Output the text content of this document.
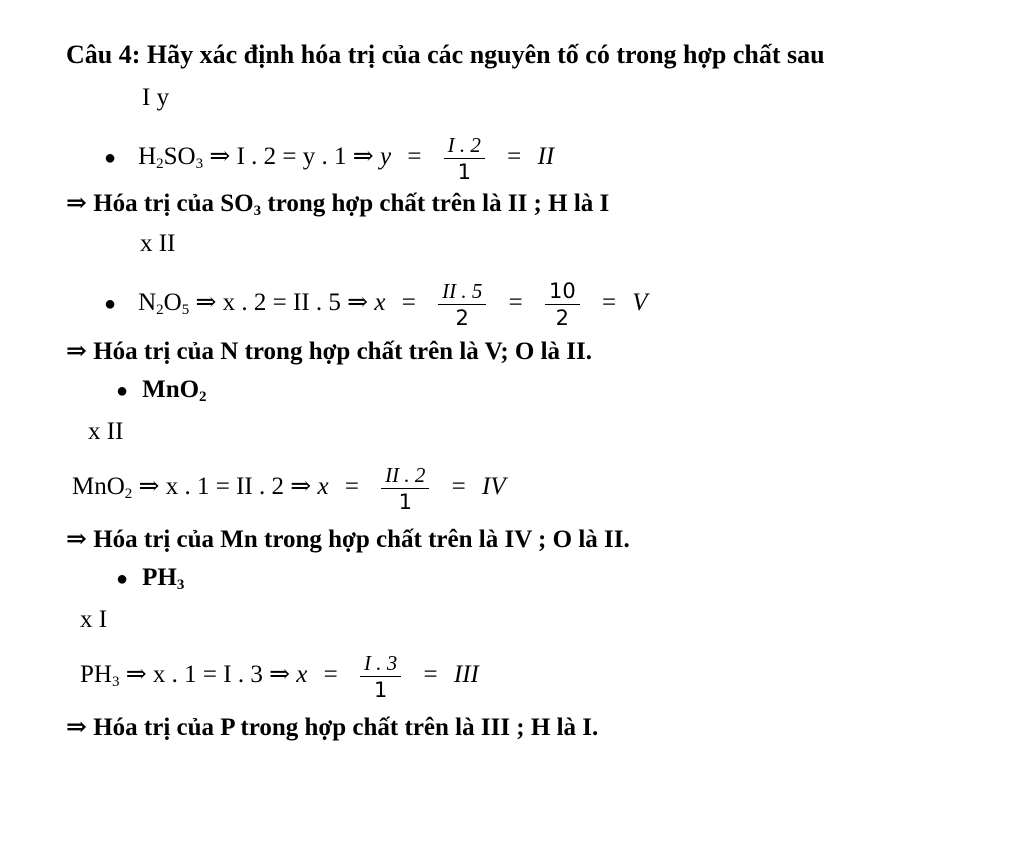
Câu 4: Hãy xác định hóa trị của các nguyên tố có trong hợp chất sau
I y
● $H_2SO_3$ ⇒ I . 2 = y . 1 ⇒ $y = \frac{I . 2}{1}$ = II
⇒ Hóa trị của $SO_3$ trong hợp chất trên là II ; H là I
x II
● $N_2O_5$ ⇒ x . 2 = II . 5 ⇒ $x = \frac{II . 5}{2} = \frac{10}{2} = V$
⇒ Hóa trị của N trong hợp chất trên là V; O là II.
● MnO$_2$
x II
MnO$_2$ ⇒ x . 1 = II . 2 ⇒ $x = \frac{II . 2}{1}$ = IV
⇒ Hóa trị của Mn trong hợp chất trên là IV ; O là II.
● $PH_3$
x I
$PH_3$ ⇒ x . 1 = I . 3 ⇒ $x = \frac{I . 3}{1}$ = III
⇒ Hóa trị của P trong hợp chất trên là III ; H là I.
